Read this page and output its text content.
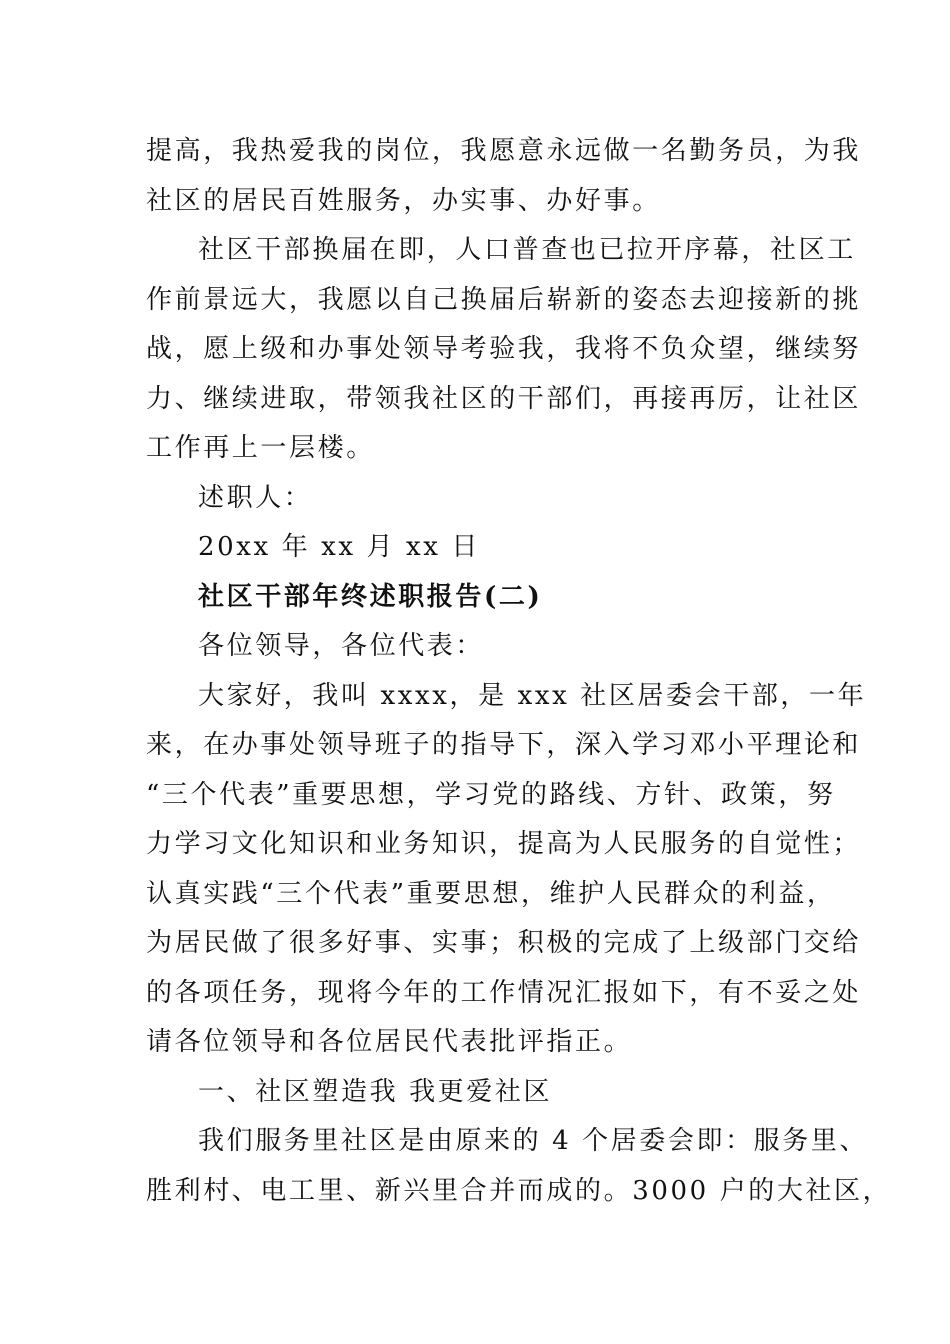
提高，我热爱我的岗位，我愿意永远做一名勤务员，为我
社区的居民百姓服务，办实事、办好事。
社区干部换届在即，人口普查也已拉开序幕，社区工
作前景远大，我愿以自己换届后崭新的姿态去迎接新的挑
战，愿上级和办事处领导考验我，我将不负众望，继续努
力、继续进取，带领我社区的干部们，再接再厉，让社区
工作再上一层楼。
述职人：
20xx 年 xx 月 xx 日
社区干部年终述职报告(二)
各位领导，各位代表：
大家好，我叫 xxxx，是 xxx 社区居委会干部，一年
来，在办事处领导班子的指导下，深入学习邓小平理论和
“三个代表”重要思想，学习党的路线、方针、政策，努
力学习文化知识和业务知识，提高为人民服务的自觉性；
认真实践“三个代表”重要思想，维护人民群众的利益，
为居民做了很多好事、实事；积极的完成了上级部门交给
的各项任务，现将今年的工作情况汇报如下，有不妥之处
请各位领导和各位居民代表批评指正。
一、社区塑造我 我更爱社区
我们服务里社区是由原来的 4 个居委会即：服务里、
胜利村、电工里、新兴里合并而成的。3000 户的大社区，
